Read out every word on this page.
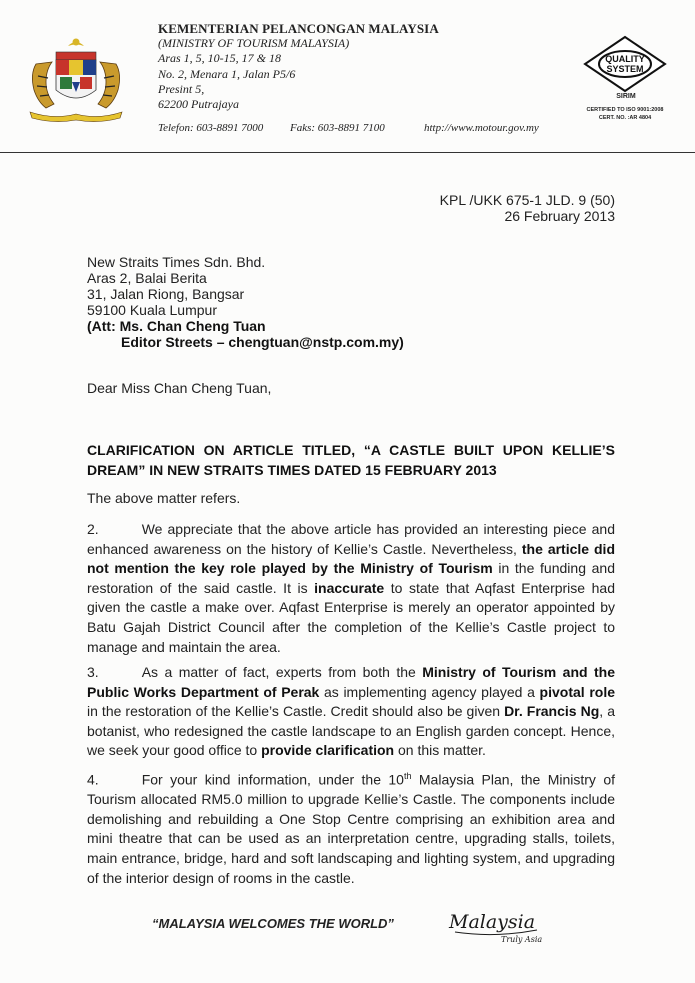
KEMENTERIAN PELANCONGAN MALAYSIA
(MINISTRY OF TOURISM MALAYSIA)
Aras 1, 5, 10-15, 17 & 18
No. 2, Menara 1, Jalan P5/6
Presint 5,
62200 Putrajaya
Telefon: 603-8891 7000 Faks: 603-8891 7100	http://www.motour.gov.my
QUALITY
SYSTEM
SIRIM
CERTIFIED TO ISO 9001:2008
CERT. NO. :AR 4804
KPL /UKK 675-1 JLD. 9 (50)
26 February 2013
New Straits Times Sdn. Bhd.
Aras 2, Balai Berita
31, Jalan Riong, Bangsar
59100 Kuala Lumpur
(Att: Ms. Chan Cheng Tuan
Editor Streets – chengtuan@nstp.com.my)
Dear Miss Chan Cheng Tuan,
CLARIFICATION ON ARTICLE TITLED, “A CASTLE BUILT UPON KELLIE’S DREAM” IN NEW STRAITS TIMES DATED 15 FEBRUARY 2013
The above matter refers.
2.	We appreciate that the above article has provided an interesting piece and enhanced awareness on the history of Kellie’s Castle. Nevertheless, the article did not mention the key role played by the Ministry of Tourism in the funding and restoration of the said castle. It is inaccurate to state that Aqfast Enterprise had given the castle a make over. Aqfast Enterprise is merely an operator appointed by Batu Gajah District Council after the completion of the Kellie’s Castle project to manage and maintain the area.
3.	As a matter of fact, experts from both the Ministry of Tourism and the Public Works Department of Perak as implementing agency played a pivotal role in the restoration of the Kellie’s Castle. Credit should also be given Dr. Francis Ng, a botanist, who redesigned the castle landscape to an English garden concept. Hence, we seek your good office to provide clarification on this matter.
4.	For your kind information, under the 10th Malaysia Plan, the Ministry of Tourism allocated RM5.0 million to upgrade Kellie’s Castle. The components include demolishing and rebuilding a One Stop Centre comprising an exhibition area and mini theatre that can be used as an interpretation centre, upgrading stalls, toilets, main entrance, bridge, hard and soft landscaping and lighting system, and upgrading of the interior design of rooms in the castle.
“MALAYSIA WELCOMES THE WORLD”	Malaysia
Truly Asia
